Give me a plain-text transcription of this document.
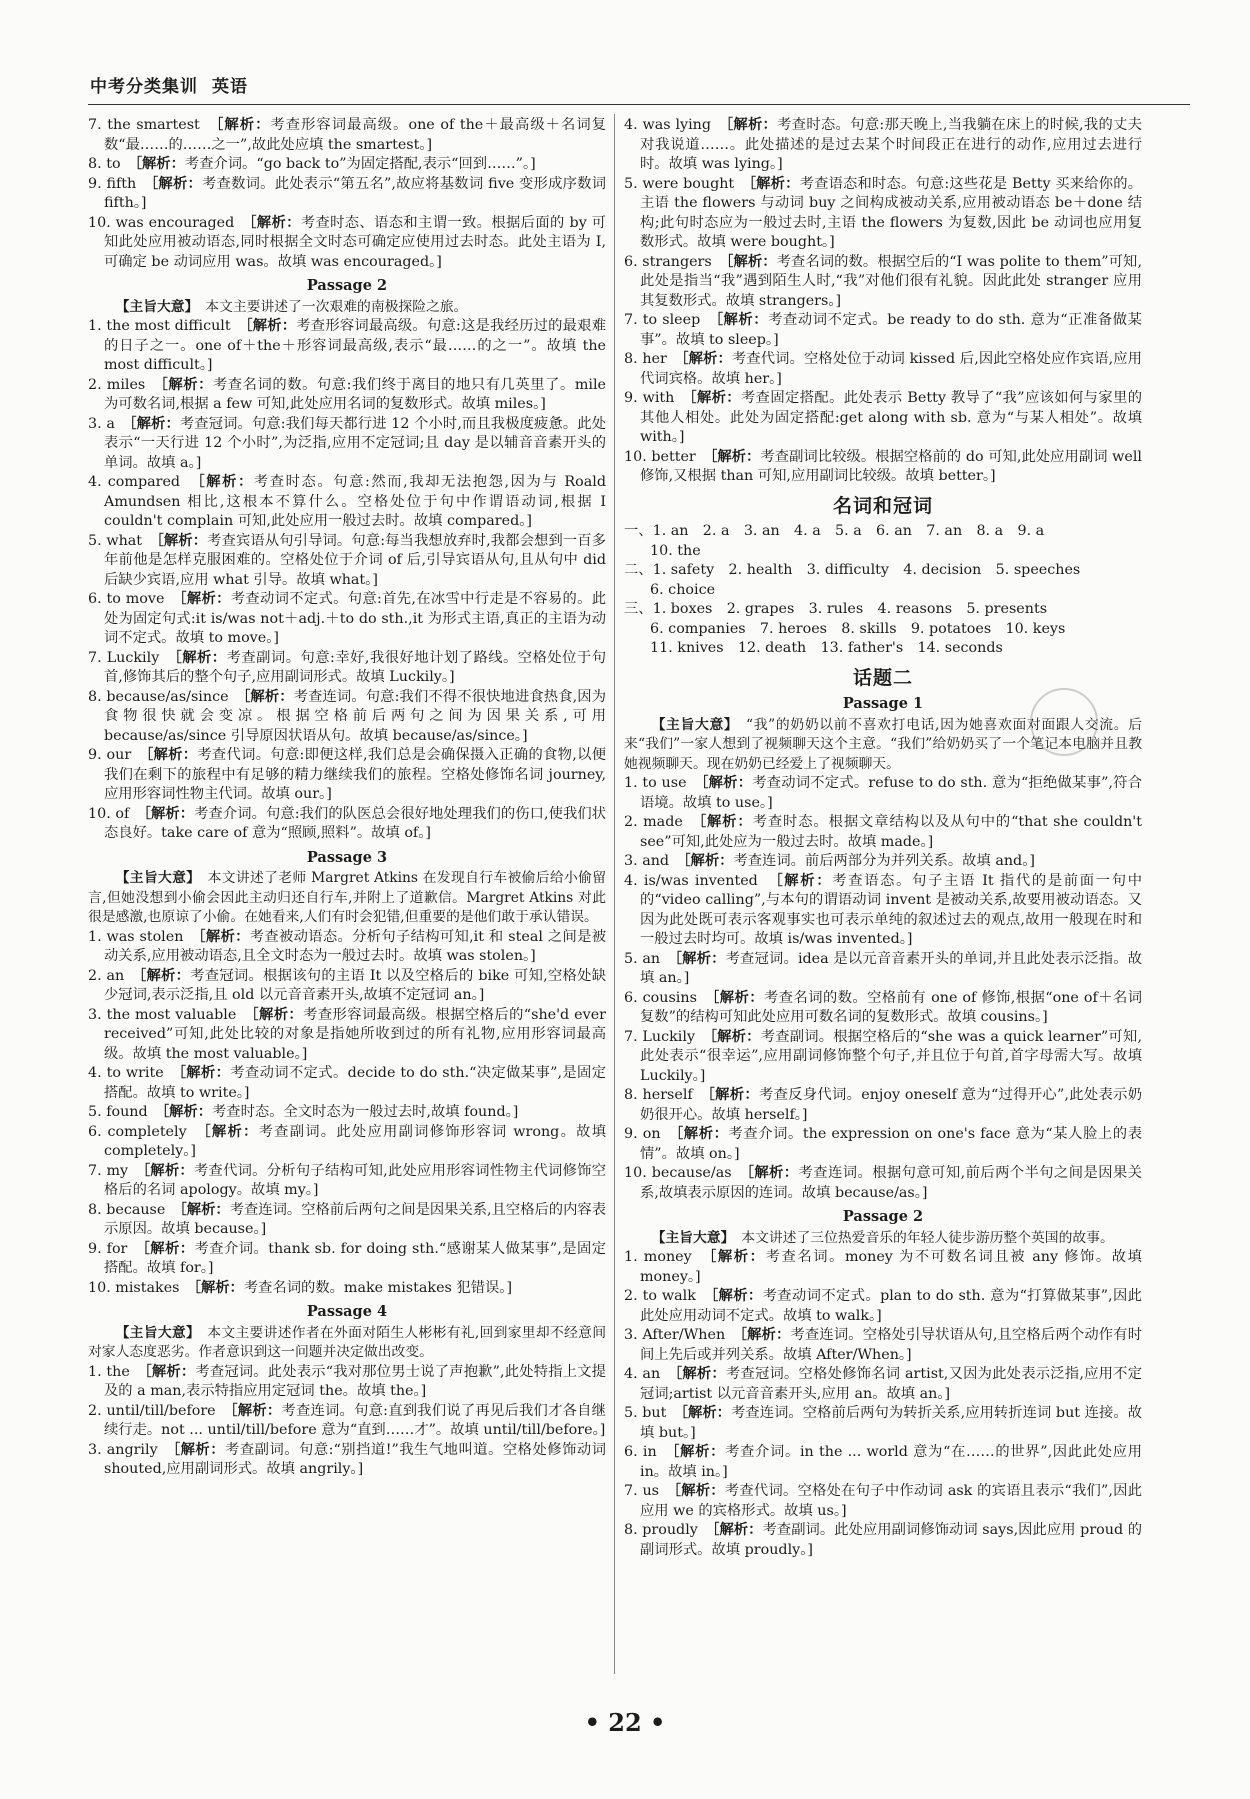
中考分类集训 英语

7. the smartest　［解析：考查形容词最高级。one of the＋最高级＋名词复数“最……的……之一”,故此处应填 the smartest。]

8. to　［解析：考查介词。“go back to”为固定搭配,表示“回到……”。]

9. fifth　［解析：考查数词。此处表示“第五名”,故应将基数词 five 变形成序数词 fifth。]

10. was encouraged　［解析：考查时态、语态和主谓一致。根据后面的 by 可知此处应用被动语态,同时根据全文时态可确定应使用过去时态。此处主语为 I,可确定 be 动词应用 was。故填 was encouraged。]

Passage 2

【主旨大意】　本文主要讲述了一次艰难的南极探险之旅。

1. the most difficult　［解析：考查形容词最高级。句意:这是我经历过的最艰难的日子之一。one of＋the＋形容词最高级,表示“最……的之一”。故填 the most difficult。]

2. miles　［解析：考查名词的数。句意:我们终于离目的地只有几英里了。mile 为可数名词,根据 a few 可知,此处应用名词的复数形式。故填 miles。]

3. a　［解析：考查冠词。句意:我们每天都行进 12 个小时,而且我极度疲惫。此处表示“一天行进 12 个小时”,为泛指,应用不定冠词;且 day 是以辅音音素开头的单词。故填 a。]

4. compared　［解析：考查时态。句意:然而,我却无法抱怨,因为与 Roald Amundsen 相比,这根本不算什么。空格处位于句中作谓语动词,根据 I couldn't complain 可知,此处应用一般过去时。故填 compared。]

5. what　［解析：考查宾语从句引导词。句意:每当我想放弃时,我都会想到一百多年前他是怎样克服困难的。空格处位于介词 of 后,引导宾语从句,且从句中 did 后缺少宾语,应用 what 引导。故填 what。]

6. to move　［解析：考查动词不定式。句意:首先,在冰雪中行走是不容易的。此处为固定句式:it is/was not＋adj.＋to do sth.,it 为形式主语,真正的主语为动词不定式。故填 to move。]

7. Luckily　［解析：考查副词。句意:幸好,我很好地计划了路线。空格处位于句首,修饰其后的整个句子,应用副词形式。故填 Luckily。]

8. because/as/since　［解析：考查连词。句意:我们不得不很快地进食热食,因为食物很快就会变凉。根据空格前后两句之间为因果关系,可用 because/as/since 引导原因状语从句。故填 because/as/since。]

9. our　［解析：考查代词。句意:即便这样,我们总是会确保摄入正确的食物,以便我们在剩下的旅程中有足够的精力继续我们的旅程。空格处修饰名词 journey,应用形容词性物主代词。故填 our。]

10. of　［解析：考查介词。句意:我们的队医总会很好地处理我们的伤口,使我们状态良好。take care of 意为“照顾,照料”。故填 of。]

Passage 3

【主旨大意】　本文讲述了老师 Margret Atkins 在发现自行车被偷后给小偷留言,但她没想到小偷会因此主动归还自行车,并附上了道歉信。Margret Atkins 对此很是感激,也原谅了小偷。在她看来,人们有时会犯错,但重要的是他们敢于承认错误。

1. was stolen　［解析：考查被动语态。分析句子结构可知,it 和 steal 之间是被动关系,应用被动语态,且全文时态为一般过去时。故填 was stolen。]

2. an　［解析：考查冠词。根据该句的主语 It 以及空格后的 bike 可知,空格处缺少冠词,表示泛指,且 old 以元音音素开头,故填不定冠词 an。]

3. the most valuable　［解析：考查形容词最高级。根据空格后的“she'd ever received”可知,此处比较的对象是指她所收到过的所有礼物,应用形容词最高级。故填 the most valuable。]

4. to write　［解析：考查动词不定式。decide to do sth.“决定做某事”,是固定搭配。故填 to write。]

5. found　［解析：考查时态。全文时态为一般过去时,故填 found。]

6. completely　［解析：考查副词。此处应用副词修饰形容词 wrong。故填 completely。]

7. my　［解析：考查代词。分析句子结构可知,此处应用形容词性物主代词修饰空格后的名词 apology。故填 my。]

8. because　［解析：考查连词。空格前后两句之间是因果关系,且空格后的内容表示原因。故填 because。]

9. for　［解析：考查介词。thank sb. for doing sth.“感谢某人做某事”,是固定搭配。故填 for。]

10. mistakes　［解析：考查名词的数。make mistakes 犯错误。]

Passage 4

【主旨大意】　本文主要讲述作者在外面对陌生人彬彬有礼,回到家里却不经意间对家人态度恶劣。作者意识到这一问题并决定做出改变。

1. the　［解析：考查冠词。此处表示“我对那位男士说了声抱歉”,此处特指上文提及的 a man,表示特指应用定冠词 the。故填 the。]

2. until/till/before　［解析：考查连词。句意:直到我们说了再见后我们才各自继续行走。not ... until/till/before 意为“直到……才”。故填 until/till/before。]

3. angrily　［解析：考查副词。句意:“别挡道!”我生气地叫道。空格处修饰动词 shouted,应用副词形式。故填 angrily。]

4. was lying　［解析：考查时态。句意:那天晚上,当我躺在床上的时候,我的丈夫对我说道……。此处描述的是过去某个时间段正在进行的动作,应用过去进行时。故填 was lying。]

5. were bought　［解析：考查语态和时态。句意:这些花是 Betty 买来给你的。主语 the flowers 与动词 buy 之间构成被动关系,应用被动语态 be＋done 结构;此句时态应为一般过去时,主语 the flowers 为复数,因此 be 动词也应用复数形式。故填 were bought。]

6. strangers　［解析：考查名词的数。根据空后的“I was polite to them”可知,此处是指当“我”遇到陌生人时,“我”对他们很有礼貌。因此此处 stranger 应用其复数形式。故填 strangers。]

7. to sleep　［解析：考查动词不定式。be ready to do sth. 意为“正准备做某事”。故填 to sleep。]

8. her　［解析：考查代词。空格处位于动词 kissed 后,因此空格处应作宾语,应用代词宾格。故填 her。]

9. with　［解析：考查固定搭配。此处表示 Betty 教导了“我”应该如何与家里的其他人相处。此处为固定搭配:get along with sb. 意为“与某人相处”。故填 with。]

10. better　［解析：考查副词比较级。根据空格前的 do 可知,此处应用副词 well 修饰,又根据 than 可知,应用副词比较级。故填 better。]

名词和冠词

一、1. an　2. a　3. an　4. a　5. a　6. an　7. an　8. a　9. a

10. the

二、1. safety　2. health　3. difficulty　4. decision　5. speeches

6. choice

三、1. boxes　2. grapes　3. rules　4. reasons　5. presents

6. companies　7. heroes　8. skills　9. potatoes　10. keys

11. knives　12. death　13. father's　14. seconds

话题二
Passage 1

【主旨大意】　“我”的奶奶以前不喜欢打电话,因为她喜欢面对面跟人交流。后来“我们”一家人想到了视频聊天这个主意。“我们”给奶奶买了一个笔记本电脑并且教她视频聊天。现在奶奶已经爱上了视频聊天。

1. to use　［解析：考查动词不定式。refuse to do sth. 意为“拒绝做某事”,符合语境。故填 to use。]

2. made　［解析：考查时态。根据文章结构以及从句中的“that she couldn't see”可知,此处应为一般过去时。故填 made。]

3. and　［解析：考查连词。前后两部分为并列关系。故填 and。]

4. is/was invented　［解析：考查语态。句子主语 It 指代的是前面一句中的“video calling”,与本句的谓语动词 invent 是被动关系,故要用被动语态。又因为此处既可表示客观事实也可表示单纯的叙述过去的观点,故用一般现在时和一般过去时均可。故填 is/was invented。]

5. an　［解析：考查冠词。idea 是以元音音素开头的单词,并且此处表示泛指。故填 an。]

6. cousins　［解析：考查名词的数。空格前有 one of 修饰,根据“one of＋名词复数”的结构可知此处应用可数名词的复数形式。故填 cousins。]

7. Luckily　［解析：考查副词。根据空格后的“she was a quick learner”可知,此处表示“很幸运”,应用副词修饰整个句子,并且位于句首,首字母需大写。故填 Luckily。]

8. herself　［解析：考查反身代词。enjoy oneself 意为“过得开心”,此处表示奶奶很开心。故填 herself。]

9. on　［解析：考查介词。the expression on one's face 意为“某人脸上的表情”。故填 on。]

10. because/as　［解析：考查连词。根据句意可知,前后两个半句之间是因果关系,故填表示原因的连词。故填 because/as。]

Passage 2

【主旨大意】　本文讲述了三位热爱音乐的年轻人徒步游历整个英国的故事。

1. money　［解析：考查名词。money 为不可数名词且被 any 修饰。故填 money。]

2. to walk　［解析：考查动词不定式。plan to do sth. 意为“打算做某事”,因此此处应用动词不定式。故填 to walk。]

3. After/When　［解析：考查连词。空格处引导状语从句,且空格后两个动作有时间上先后或并列关系。故填 After/When。]

4. an　［解析：考查冠词。空格处修饰名词 artist,又因为此处表示泛指,应用不定冠词;artist 以元音音素开头,应用 an。故填 an。]

5. but　［解析：考查连词。空格前后两句为转折关系,应用转折连词 but 连接。故填 but。]

6. in　［解析：考查介词。in the ... world 意为“在……的世界”,因此此处应用 in。故填 in。]

7. us　［解析：考查代词。空格处在句子中作动词 ask 的宾语且表示“我们”,因此应用 we 的宾格形式。故填 us。]

8. proudly　［解析：考查副词。此处应用副词修饰动词 says,因此应用 proud 的副词形式。故填 proudly。]

• 22 •
